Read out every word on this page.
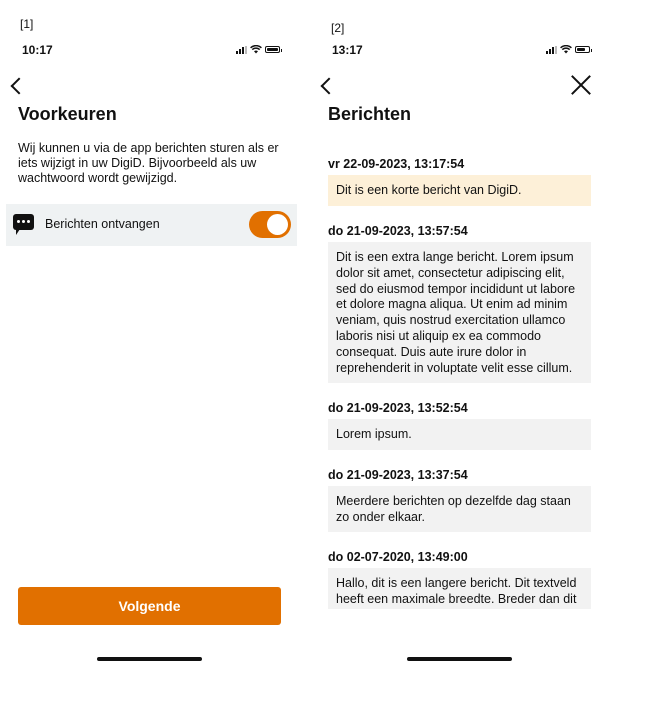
[1]	[2]
10:17
Voorkeuren
Wij kunnen u via de app berichten sturen als er iets wijzigt in uw DigiD. Bijvoorbeeld als uw wachtwoord wordt gewijzigd.
Berichten ontvangen
Volgende
13:17
Berichten
vr 22-09-2023, 13:17:54
Dit is een korte bericht van DigiD.
do 21-09-2023, 13:57:54
Dit is een extra lange bericht. Lorem ipsum dolor sit amet, consectetur adipiscing elit, sed do eiusmod tempor incididunt ut labore et dolore magna aliqua. Ut enim ad minim veniam, quis nostrud exercitation ullamco laboris nisi ut aliquip ex ea commodo consequat. Duis aute irure dolor in reprehenderit in voluptate velit esse cillum.
do 21-09-2023, 13:52:54
Lorem ipsum.
do 21-09-2023, 13:37:54
Meerdere berichten op dezelfde dag staan zo onder elkaar.
do 02-07-2020, 13:49:00
Hallo, dit is een langere bericht. Dit textveld heeft een maximale breedte. Breder dan dit
